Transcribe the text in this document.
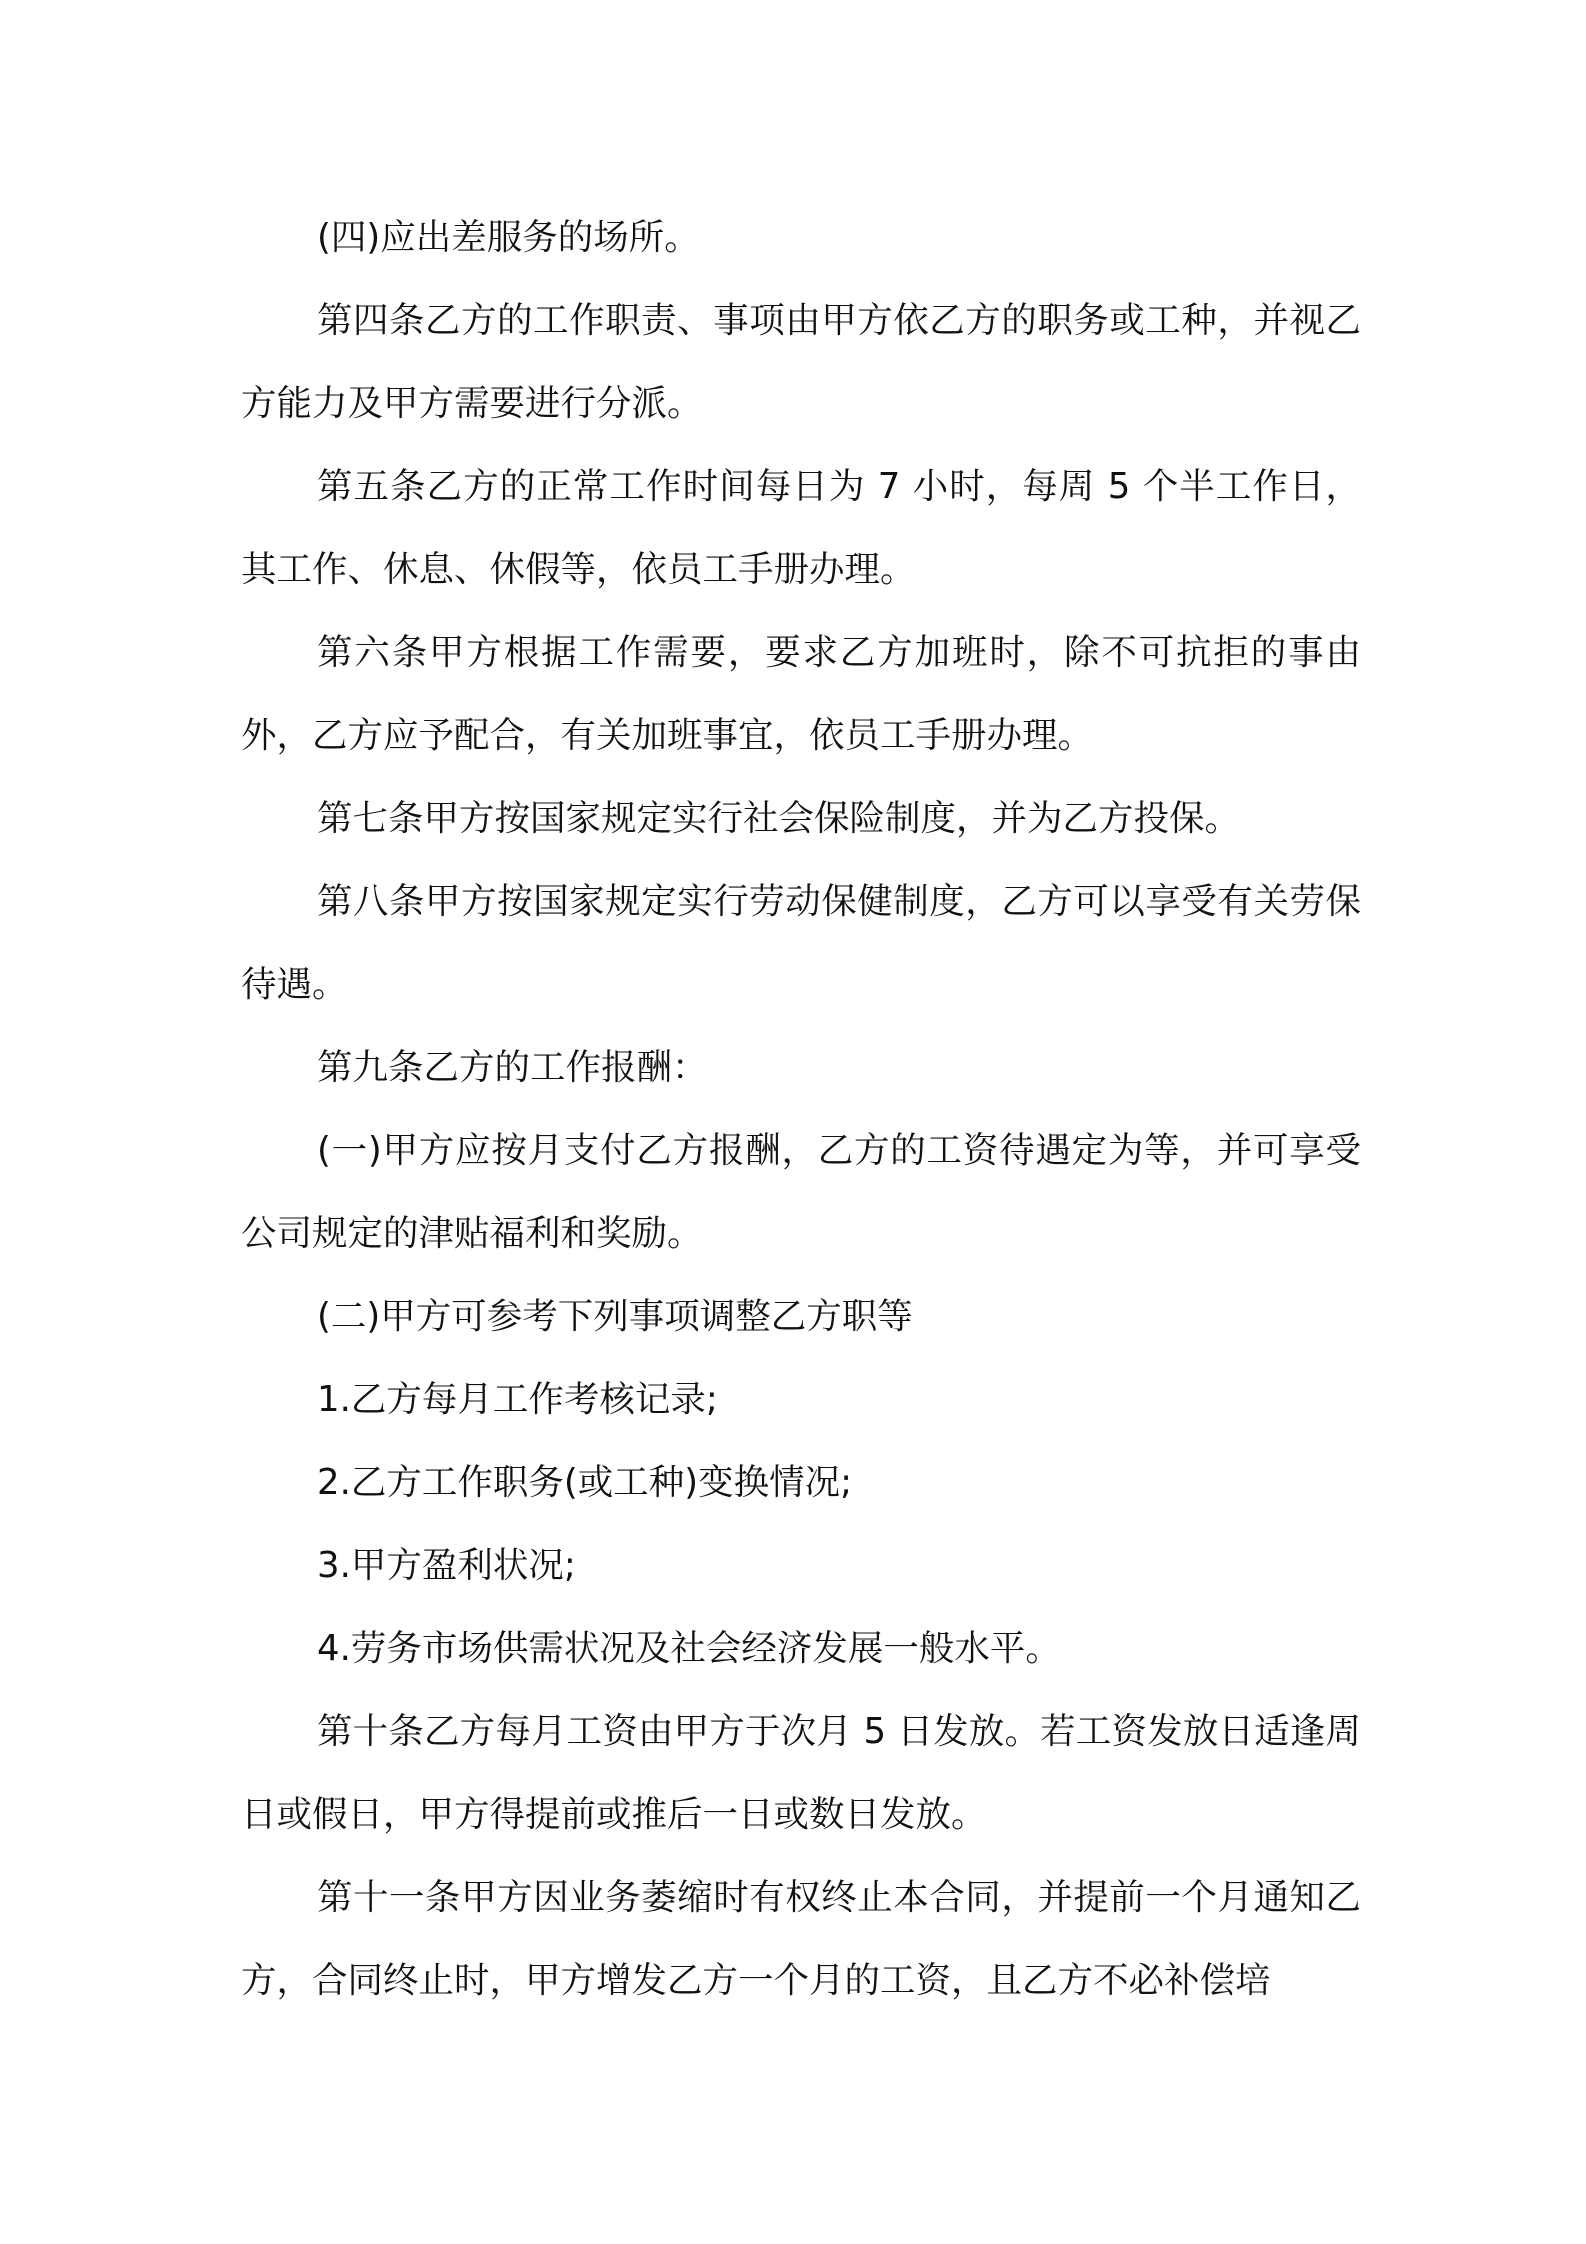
(四)应出差服务的场所。

第四条乙方的工作职责、事项由甲方依乙方的职务或工种，并视乙方能力及甲方需要进行分派。

第五条乙方的正常工作时间每日为 7 小时，每周 5 个半工作日，其工作、休息、休假等，依员工手册办理。

第六条甲方根据工作需要，要求乙方加班时，除不可抗拒的事由外，乙方应予配合，有关加班事宜，依员工手册办理。

第七条甲方按国家规定实行社会保险制度，并为乙方投保。

第八条甲方按国家规定实行劳动保健制度，乙方可以享受有关劳保待遇。

第九条乙方的工作报酬：

(一)甲方应按月支付乙方报酬，乙方的工资待遇定为等，并可享受公司规定的津贴福利和奖励。

(二)甲方可参考下列事项调整乙方职等

1.乙方每月工作考核记录;

2.乙方工作职务(或工种)变换情况;

3.甲方盈利状况;

4.劳务市场供需状况及社会经济发展一般水平。

第十条乙方每月工资由甲方于次月 5 日发放。若工资发放日适逢周日或假日，甲方得提前或推后一日或数日发放。

第十一条甲方因业务萎缩时有权终止本合同，并提前一个月通知乙方，合同终止时，甲方增发乙方一个月的工资，且乙方不必补偿培
